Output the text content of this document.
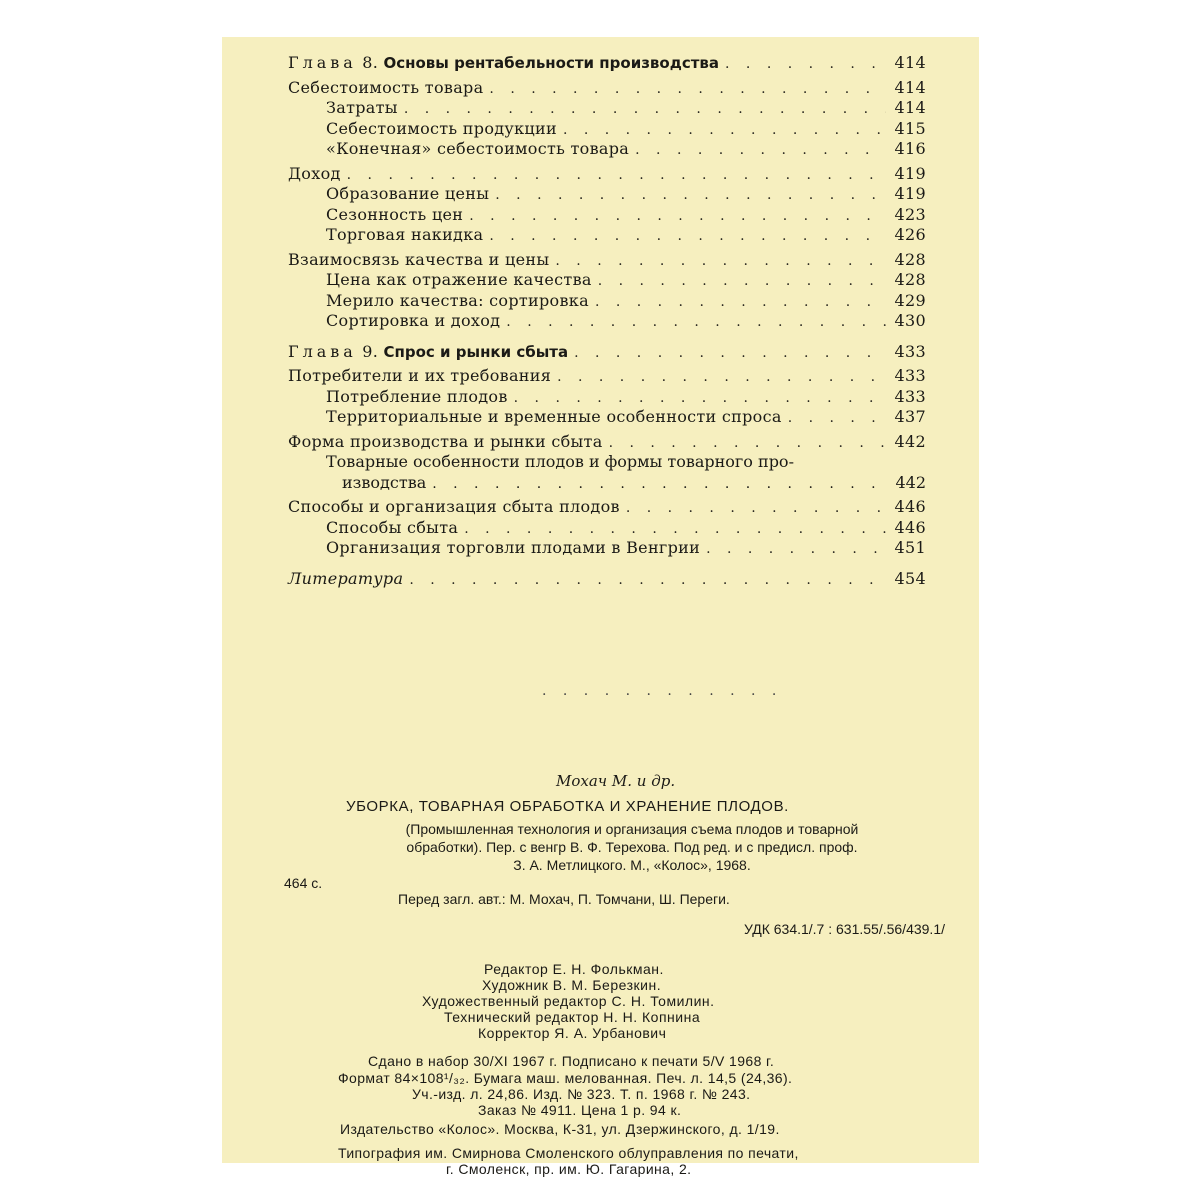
Глава 8. Основы рентабельности производства . . .	414
Себестоимость товара . . .	414
Затраты . . .	414
Себестоимость продукции . . .	415
«Конечная» себестоимость товара . . .	416
Доход . . .	419
Образование цены . . .	419
Сезонность цен . . .	423
Торговая накидка . . .	426
Взаимосвязь качества и цены . . .	428
Цена как отражение качества . . .	428
Мерило качества: сортировка . . .	429
Сортировка и доход . . .	430
Глава 9. Спрос и рынки сбыта . . .	433
Потребители и их требования . . .	433
Потребление плодов . . .	433
Территориальные и временные особенности спроса . . .	437
Форма производства и рынки сбыта . . .	442
Товарные особенности плодов и формы товарного про-
изводства . . .	442
Способы и организация сбыта плодов . . .	446
Способы сбыта . . .	446
Организация торговли плодами в Венгрии . . .	451
Литература . . .	454
. . . . . . . . . . . .
Мохач М. и др.
УБОРКА, ТОВАРНАЯ ОБРАБОТКА И ХРАНЕНИЕ ПЛОДОВ.
(Промышленная технология и организация съема плодов и товарной
обработки). Пер. с венгр В. Ф. Терехова. Под ред. и с предисл. проф.
З. А. Метлицкого. М., «Колос», 1968.
464 с.
Перед загл. авт.: М. Мохач, П. Томчани, Ш. Переги.
УДК 634.1/.7 : 631.55/.56/439.1/
Редактор Е. Н. Фолькман.
Художник В. М. Березкин.
Художественный редактор С. Н. Томилин.
Технический редактор Н. Н. Копнина
Корректор Я. А. Урбанович
Сдано в набор 30/XI 1967 г. Подписано к печати 5/V 1968 г.
Формат 84×108¹/₃₂. Бумага маш. мелованная. Печ. л. 14,5 (24,36).
Уч.-изд. л. 24,86. Изд. № 323. Т. п. 1968 г. № 243.
Заказ № 4911. Цена 1 р. 94 к.
Издательство «Колос». Москва, К-31, ул. Дзержинского, д. 1/19.
Типография им. Смирнова Смоленского облуправления по печати,
г. Смоленск, пр. им. Ю. Гагарина, 2.
